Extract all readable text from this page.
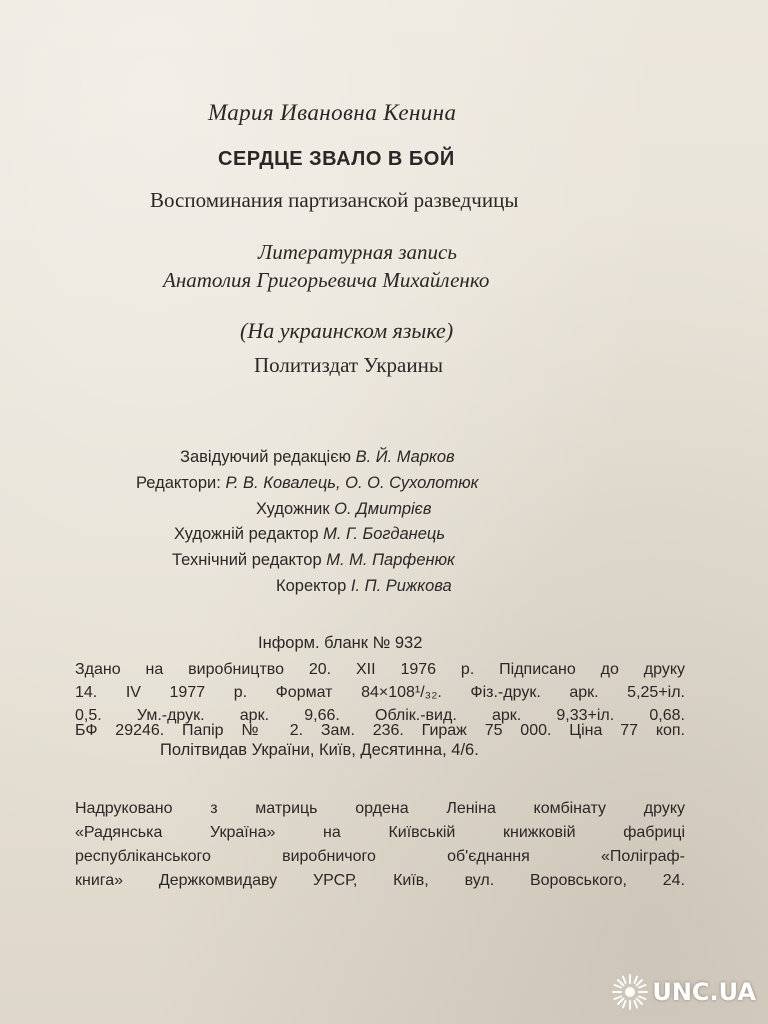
Мария Ивановна Кенина
СЕРДЦЕ ЗВАЛО В БОЙ
Воспоминания партизанской разведчицы
Литературная запись
Анатолия Григорьевича Михайленко
(На украинском языке)
Политиздат Украины
Завідуючий редакцією В. Й. Марков
Редактори: Р. В. Ковалець, О. О. Сухолотюк
Художник О. Дмитрієв
Художній редактор М. Г. Богданець
Технічний редактор М. М. Парфенюк
Коректор І. П. Рижкова
Інформ. бланк № 932
Здано на виробництво 20. XII 1976 р. Підписано до друку
14. IV 1977 р. Формат 84×108¹/₃₂. Фіз.-друк. арк. 5,25+іл.
0,5. Ум.-друк. арк. 9,66. Облік.-вид. арк. 9,33+іл. 0,68.
БФ 29246. Папір № 2. Зам. 236. Гираж 75 000. Ціна 77 коп.
Політвидав України, Київ, Десятинна, 4/6.
Надруковано з матриць ордена Леніна комбінату друку
«Радянська Україна» на Київській книжковій фабриці
республіканського виробничого об'єднання «Поліграф-
книга» Держкомвидаву УРСР, Київ, вул. Воровського, 24.
UNC.UA
